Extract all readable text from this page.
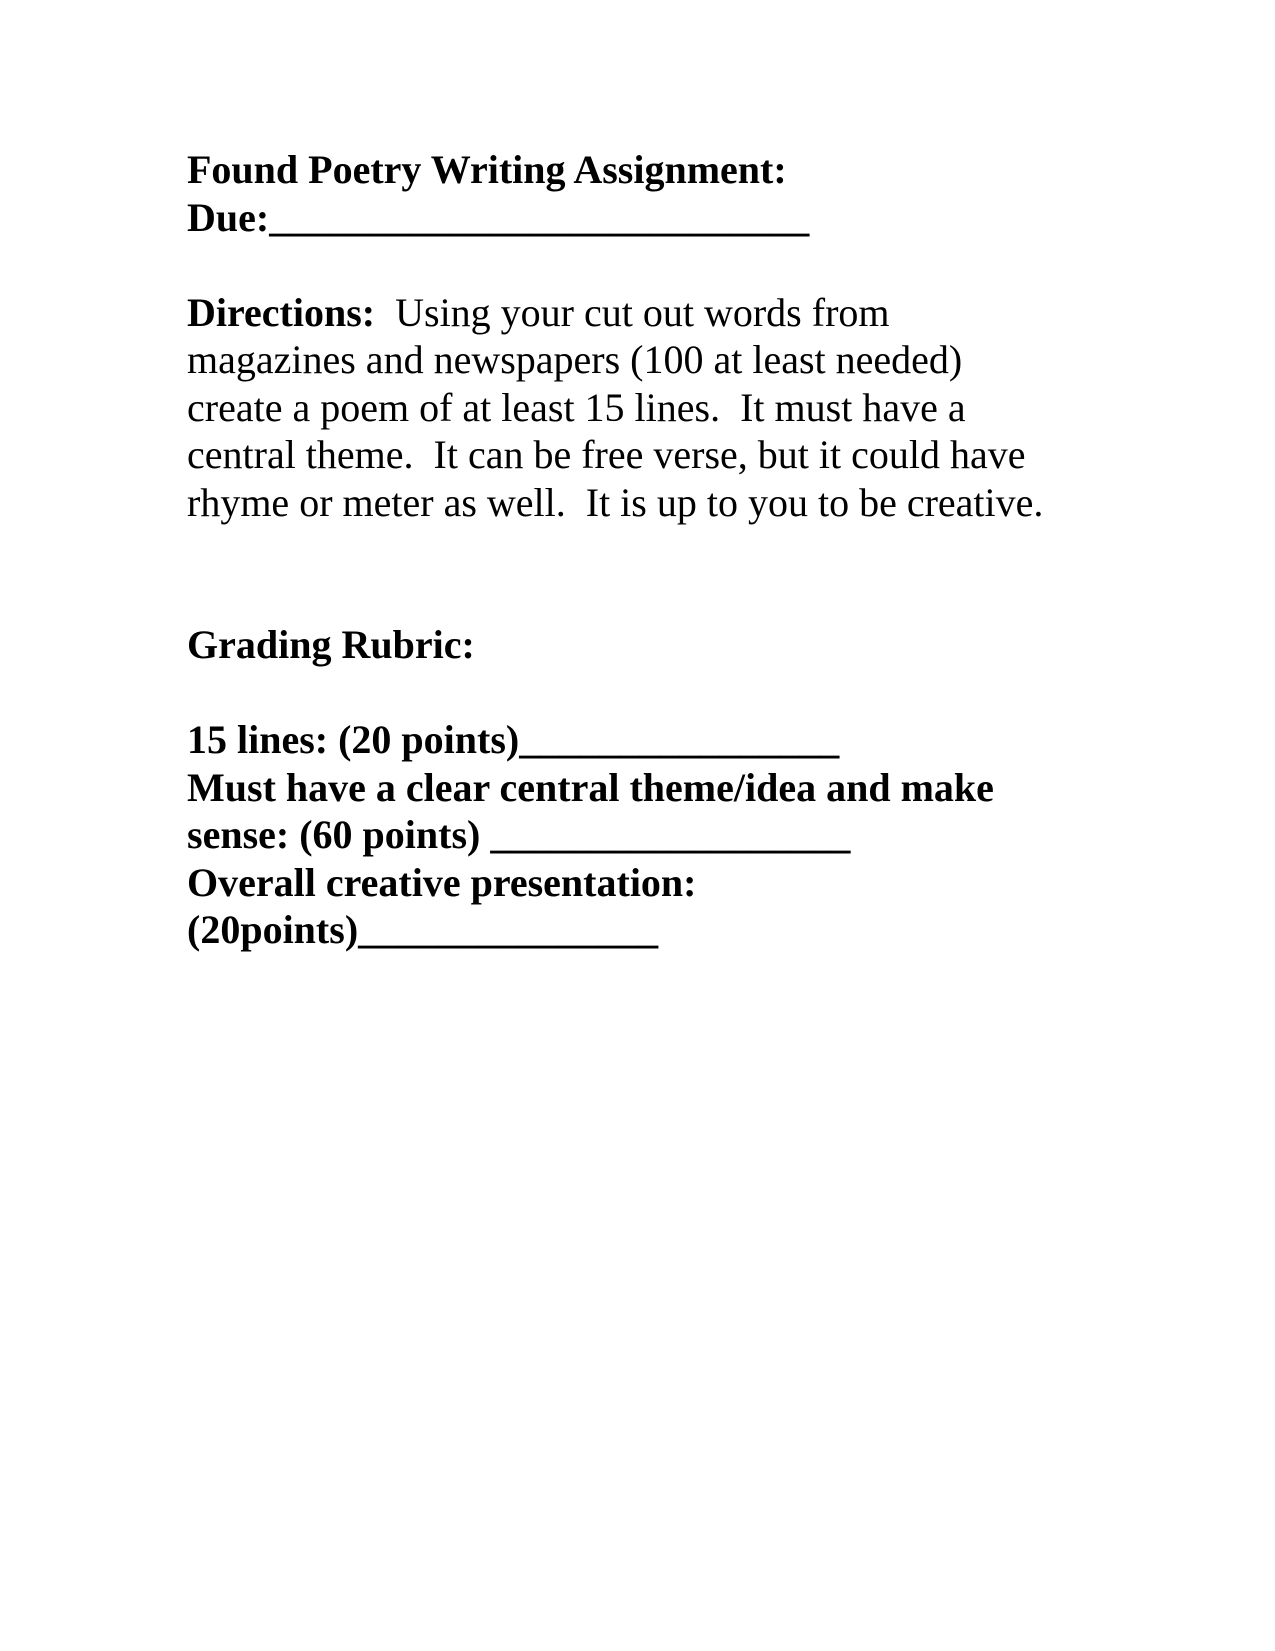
Found Poetry Writing Assignment:

Due:___________________________

Directions:  Using your cut out words from

magazines and newspapers (100 at least needed)

create a poem of at least 15 lines.  It must have a

central theme.  It can be free verse, but it could have

rhyme or meter as well.  It is up to you to be creative.

Grading Rubric:

15 lines: (20 points)________________

Must have a clear central theme/idea and make

sense: (60 points) __________________

Overall creative presentation:

(20points)_______________
